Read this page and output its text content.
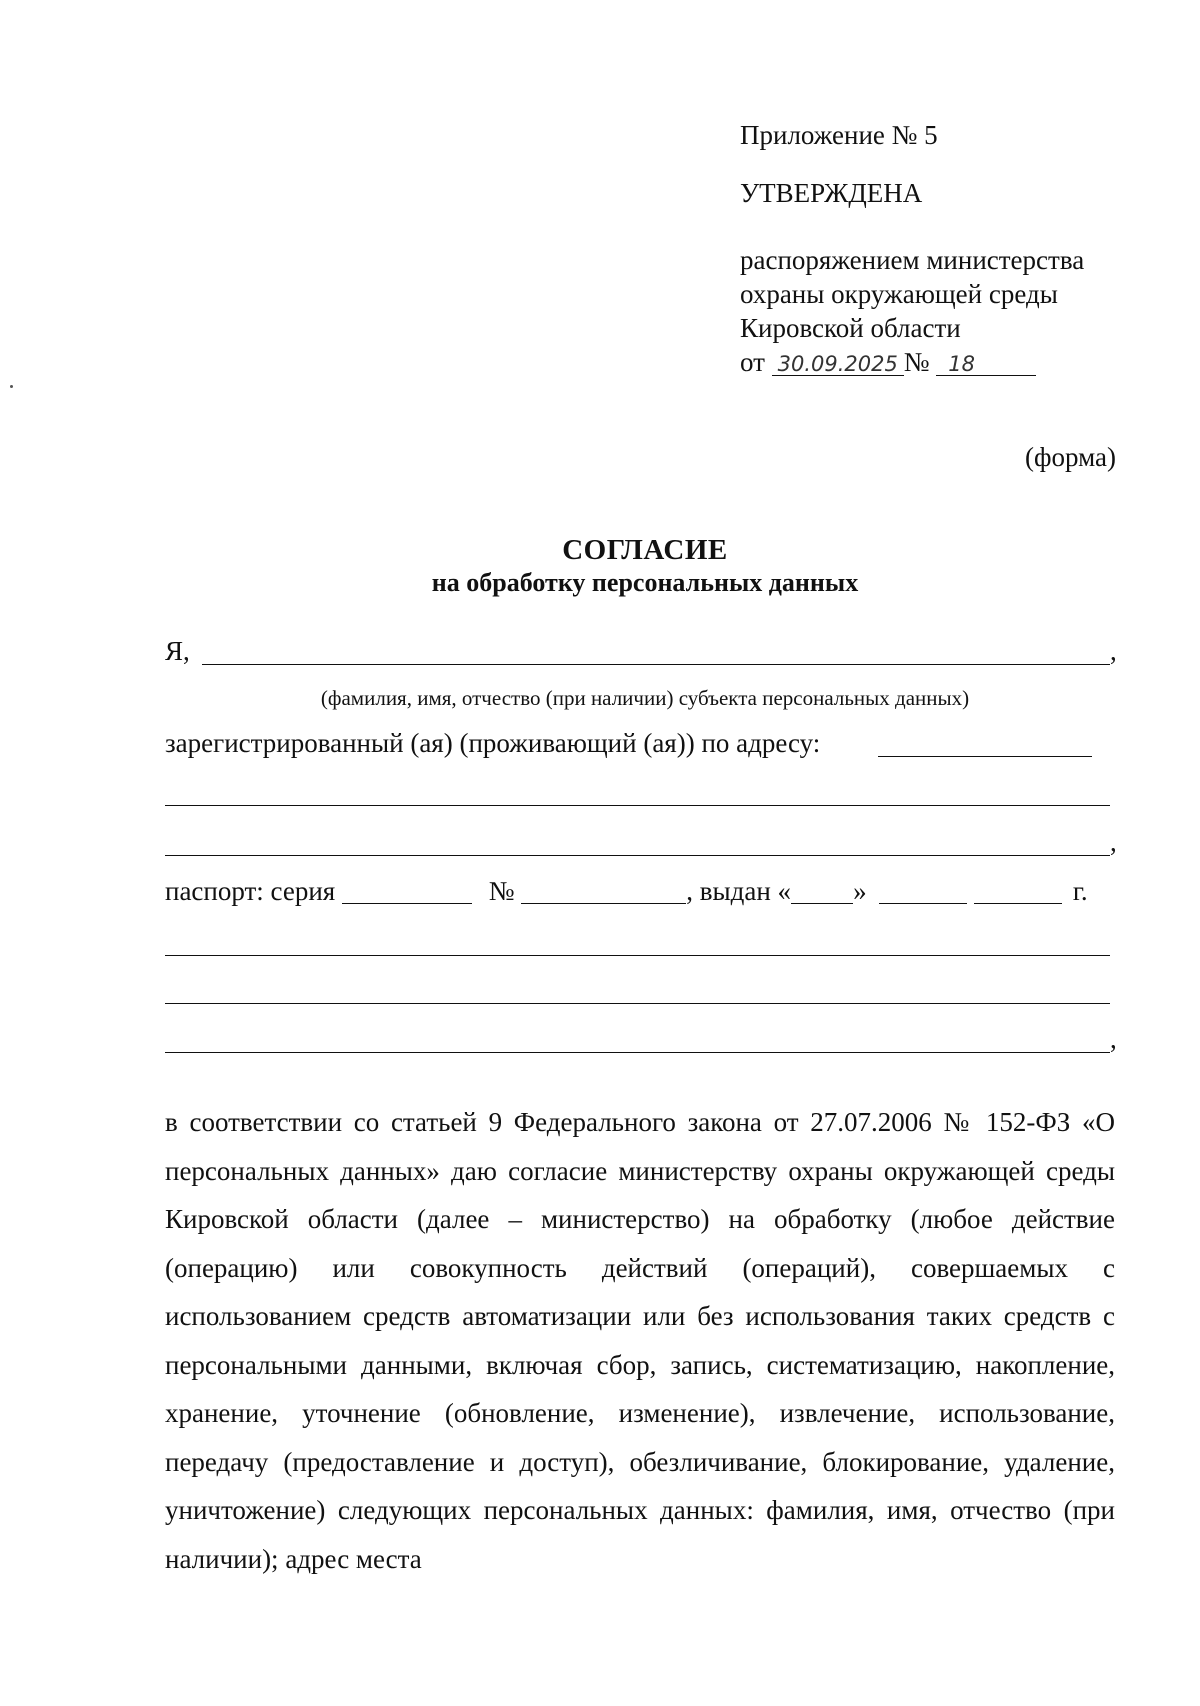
Приложение № 5
УТВЕРЖДЕНА
распоряжением министерства
охраны окружающей среды
Кировской области
от 30.09.2025 № 18
(форма)
СОГЛАСИЕ
на обработку персональных данных
Я,	,
(фамилия, имя, отчество (при наличии) субъекта персональных данных)
зарегистрированный (ая) (проживающий (ая)) по адресу:
,
паспорт: серия	№	, выдан « »	г.
,
в соответствии со статьей 9 Федерального закона от 27.07.2006 № 152-ФЗ «О персональных данных» даю согласие министерству охраны окружающей среды Кировской области (далее – министерство) на обработку (любое действие (операцию) или совокупность действий (операций), совершаемых с использованием средств автоматизации или без использования таких средств с персональными данными, включая сбор, запись, систематизацию, накопление, хранение, уточнение (обновление, изменение), извлечение, использование, передачу (предоставление и доступ), обезличивание, блокирование, удаление, уничтожение) следующих персональных данных: фамилия, имя, отчество (при наличии); адрес места
